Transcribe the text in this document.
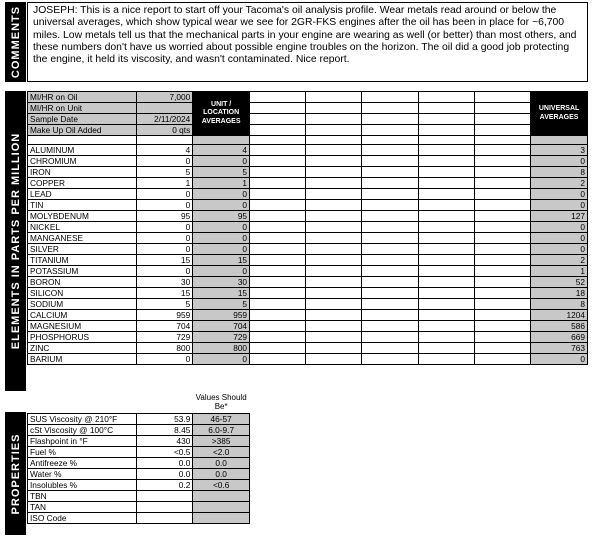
COMMENTS	JOSEPH: This is a nice report to start off your Tacoma's oil analysis profile. Wear metals read around or below the universal averages, which show typical wear we see for 2GR-FKS engines after the oil has been in place for ~6,700 miles. Low metals tell us that the mechanical parts in your engine are wearing as well (or better) than most others, and these numbers don't have us worried about possible engine troubles on the horizon. The oil did a good job protecting the engine, it held its viscosity, and wasn't contaminated. Nice report.
ELEMENTS IN PARTS PER MILLION
MI/HR on Oil	7,000	UNIT / LOCATION AVERAGES						UNIVERSAL AVERAGES
MI/HR on Unit								
Sample Date	2/11/2024							
Make Up Oil Added	0 qts							

ALUMINUM	4	4						3
CHROMIUM	0	0						0
IRON	5	5						8
COPPER	1	1						2
LEAD	0	0						0
TIN	0	0						0
MOLYBDENUM	95	95						127
NICKEL	0	0						0
MANGANESE	0	0						0
SILVER	0	0						0
TITANIUM	15	15						2
POTASSIUM	0	0						1
BORON	30	30						52
SILICON	15	15						18
SODIUM	5	5						8
CALCIUM	959	959						1204
MAGNESIUM	704	704						586
PHOSPHORUS	729	729						669
ZINC	800	800						763
BARIUM	0	0						0
PROPERTIES
		Values Should Be*						
SUS Viscosity @ 210°F	53.9	46-57						
cSt Viscosity @ 100°C	8.45	6.0-9.7						
Flashpoint in °F	430	>385						
Fuel %	<0.5	<2.0						
Antifreeze %	0.0	0.0						
Water %	0.0	0.0						
Insolubles %	0.2	<0.6						
TBN								
TAN								
ISO Code								
